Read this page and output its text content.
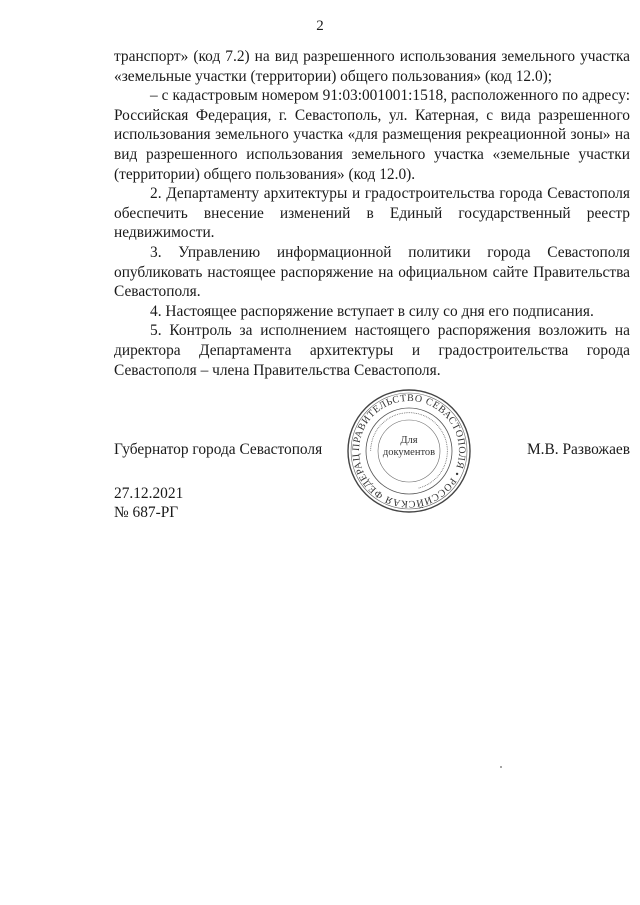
2

транспорт» (код 7.2) на вид разрешенного использования земельного участка «земельные участки (территории) общего пользования» (код 12.0);

– с кадастровым номером 91:03:001001:1518, расположенного по адресу: Российская Федерация, г. Севастополь, ул. Катерная, с вида разрешенного использования земельного участка «для размещения рекреационной зоны» на вид разрешенного использования земельного участка «земельные участки (территории) общего пользования» (код 12.0).

2. Департаменту архитектуры и градостроительства города Севастополя обеспечить внесение изменений в Единый государственный реестр недвижимости.

3. Управлению информационной политики города Севастополя опубликовать настоящее распоряжение на официальном сайте Правительства Севастополя.

4. Настоящее распоряжение вступает в силу со дня его подписания.

5. Контроль за исполнением настоящего распоряжения возложить на директора Департамента архитектуры и градостроительства города Севастополя – члена Правительства Севастополя.

Губернатор города Севастополя	М.В. Развожаев
ПРАВИТЕЛЬСТВО СЕВАСТОПОЛЯ • РОССИЙСКАЯ ФЕДЕРАЦ
•••••••••••••••••••••••••••••••••••••••••••••••••••••••••••••••••••••••••••••••••••••••••••••••••
Для
документов
27.12.2021
№ 687-РГ
